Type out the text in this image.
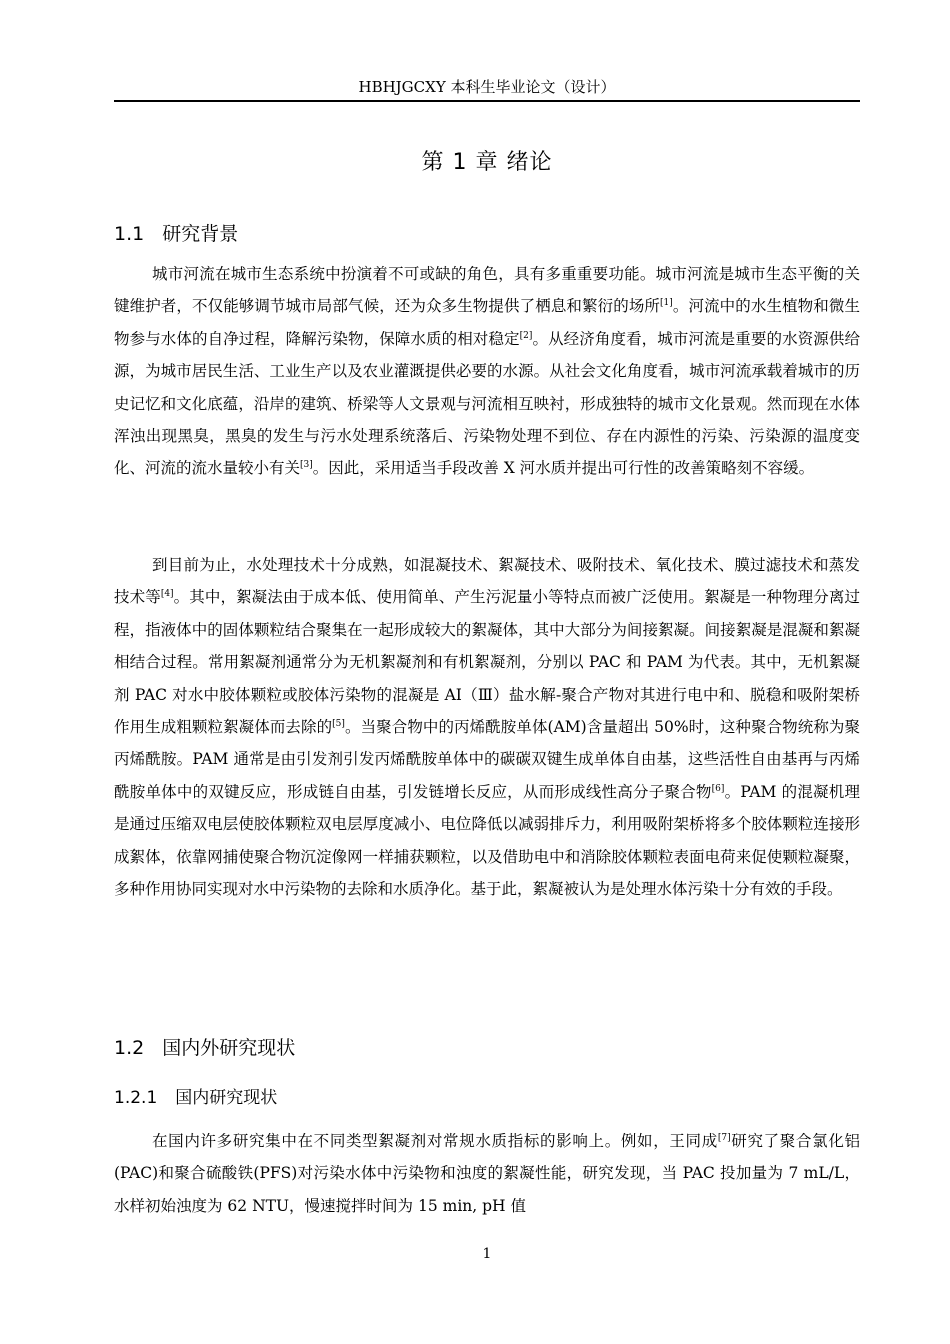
HBHJGCXY 本科生毕业论文（设计）
第 1 章 绪论
1.1 研究背景

城市河流在城市生态系统中扮演着不可或缺的角色，具有多重重要功能。城市河流是城市生态平衡的关键维护者，不仅能够调节城市局部气候，还为众多生物提供了栖息和繁衍的场所[1]。河流中的水生植物和微生物参与水体的自净过程，降解污染物，保障水质的相对稳定[2]。从经济角度看，城市河流是重要的水资源供给源，为城市居民生活、工业生产以及农业灌溉提供必要的水源。从社会文化角度看，城市河流承载着城市的历史记忆和文化底蕴，沿岸的建筑、桥梁等人文景观与河流相互映衬，形成独特的城市文化景观。然而现在水体浑浊出现黑臭，黑臭的发生与污水处理系统落后、污染物处理不到位、存在内源性的污染、污染源的温度变化、河流的流水量较小有关[3]。因此，采用适当手段改善 X 河水质并提出可行性的改善策略刻不容缓。

到目前为止，水处理技术十分成熟，如混凝技术、絮凝技术、吸附技术、氧化技术、膜过滤技术和蒸发技术等[4]。其中，絮凝法由于成本低、使用简单、产生污泥量小等特点而被广泛使用。絮凝是一种物理分离过程，指液体中的固体颗粒结合聚集在一起形成较大的絮凝体，其中大部分为间接絮凝。间接絮凝是混凝和絮凝相结合过程。常用絮凝剂通常分为无机絮凝剂和有机絮凝剂，分别以 PAC 和 PAM 为代表。其中，无机絮凝剂 PAC 对水中胶体颗粒或胶体污染物的混凝是 AI（Ⅲ）盐水解-聚合产物对其进行电中和、脱稳和吸附架桥作用生成粗颗粒絮凝体而去除的[5]。当聚合物中的丙烯酰胺单体(AM)含量超出 50%时，这种聚合物统称为聚丙烯酰胺。PAM 通常是由引发剂引发丙烯酰胺单体中的碳碳双键生成单体自由基，这些活性自由基再与丙烯酰胺单体中的双键反应，形成链自由基，引发链增长反应，从而形成线性高分子聚合物[6]。PAM 的混凝机理是通过压缩双电层使胶体颗粒双电层厚度减小、电位降低以减弱排斥力，利用吸附架桥将多个胶体颗粒连接形成絮体，依靠网捕使聚合物沉淀像网一样捕获颗粒，以及借助电中和消除胶体颗粒表面电荷来促使颗粒凝聚，多种作用协同实现对水中污染物的去除和水质净化。基于此，絮凝被认为是处理水体污染十分有效的手段。

1.2 国内外研究现状
1.2.1 国内研究现状

在国内许多研究集中在不同类型絮凝剂对常规水质指标的影响上。例如，王同成[7]研究了聚合氯化铝(PAC)和聚合硫酸铁(PFS)对污染水体中污染物和浊度的絮凝性能，研究发现，当 PAC 投加量为 7 mL/L，水样初始浊度为 62 NTU，慢速搅拌时间为 15 min, pH 值

1
